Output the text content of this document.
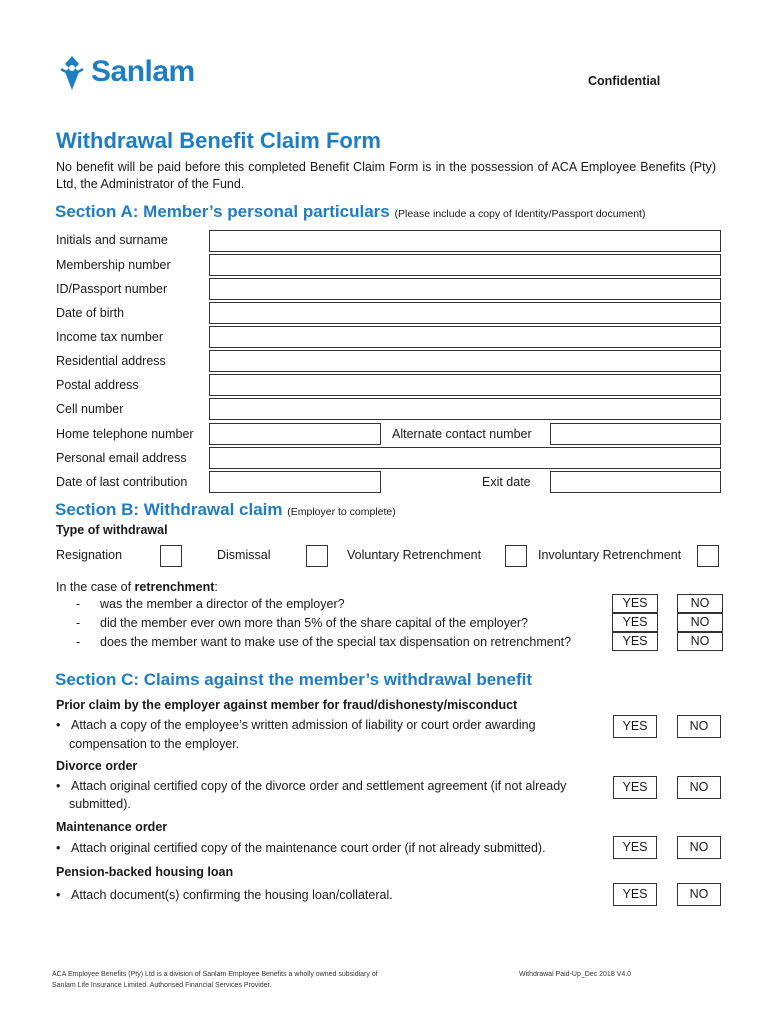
Sanlam	Confidential
Withdrawal Benefit Claim Form
No benefit will be paid before this completed Benefit Claim Form is in the possession of ACA Employee Benefits (Pty) Ltd, the Administrator of the Fund.
Section A: Member’s personal particulars (Please include a copy of Identity/Passport document)
Initials and surname
Membership number
ID/Passport number
Date of birth
Income tax number
Residential address
Postal address
Cell number
Home telephone number	Alternate contact number
Personal email address
Date of last contribution	Exit date
Section B: Withdrawal claim (Employer to complete)
Type of withdrawal
Resignation	Dismissal	Voluntary Retrenchment	Involuntary Retrenchment
In the case of retrenchment:
- was the member a director of the employer?	YES	NO
- did the member ever own more than 5% of the share capital of the employer?	YES	NO
- does the member want to make use of the special tax dispensation on retrenchment?	YES	NO
Section C: Claims against the member’s withdrawal benefit
Prior claim by the employer against member for fraud/dishonesty/misconduct
• Attach a copy of the employee’s written admission of liability or court order awarding
compensation to the employer.
YES	NO
Divorce order
• Attach original certified copy of the divorce order and settlement agreement (if not already
submitted).
YES	NO
Maintenance order
• Attach original certified copy of the maintenance court order (if not already submitted).	YES	NO
Pension-backed housing loan
• Attach document(s) confirming the housing loan/collateral.	YES	NO
ACA Employee Benefits (Pty) Ltd is a division of Sanlam Employee Benefits a wholly owned subsidiary of
Sanlam Life Insurance Limited. Authorised Financial Services Provider.
Withdrawal Paid-Up_Dec 2018 V4.0
